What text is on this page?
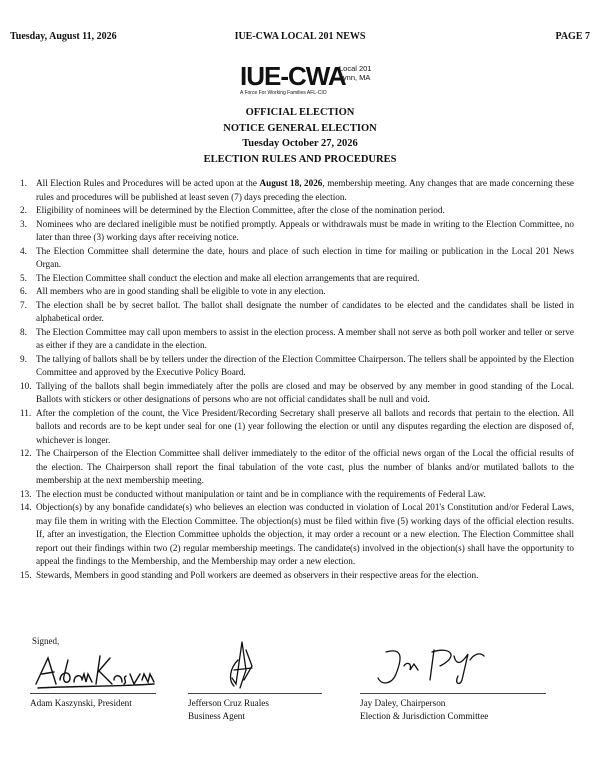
Tuesday, August 11, 2026	IUE-CWA LOCAL 201 NEWS	PAGE 7
IUE-CWA
Local 201
Lynn, MA
A Force For Working Families AFL-CIO
OFFICIAL ELECTION
NOTICE GENERAL ELECTION
Tuesday October 27, 2026
ELECTION RULES AND PROCEDURES
1. All Election Rules and Procedures will be acted upon at the August 18, 2026, membership meeting. Any changes that are made concerning these rules and procedures will be published at least seven (7) days preceding the election.
2. Eligibility of nominees will be determined by the Election Committee, after the close of the nomination period.
3. Nominees who are declared ineligible must be notified promptly. Appeals or withdrawals must be made in writing to the Election Committee, no later than three (3) working days after receiving notice.
4. The Election Committee shall determine the date, hours and place of such election in time for mailing or publication in the Local 201 News Organ.
5. The Election Committee shall conduct the election and make all election arrangements that are required.
6. All members who are in good standing shall be eligible to vote in any election.
7. The election shall be by secret ballot. The ballot shall designate the number of candidates to be elected and the candidates shall be listed in alphabetical order.
8. The Election Committee may call upon members to assist in the election process. A member shall not serve as both poll worker and teller or serve as either if they are a candidate in the election.
9. The tallying of ballots shall be by tellers under the direction of the Election Committee Chairperson. The tellers shall be appointed by the Election Committee and approved by the Executive Policy Board.
10. Tallying of the ballots shall begin immediately after the polls are closed and may be observed by any member in good standing of the Local. Ballots with stickers or other designations of persons who are not official candidates shall be null and void.
11. After the completion of the count, the Vice President/Recording Secretary shall preserve all ballots and records that pertain to the election. All ballots and records are to be kept under seal for one (1) year following the election or until any disputes regarding the election are disposed of, whichever is longer.
12. The Chairperson of the Election Committee shall deliver immediately to the editor of the official news organ of the Local the official results of the election. The Chairperson shall report the final tabulation of the vote cast, plus the number of blanks and/or mutilated ballots to the membership at the next membership meeting.
13. The election must be conducted without manipulation or taint and be in compliance with the requirements of Federal Law.
14. Objection(s) by any bonafide candidate(s) who believes an election was conducted in violation of Local 201's Constitution and/or Federal Laws, may file them in writing with the Election Committee. The objection(s) must be filed within five (5) working days of the official election results. If, after an investigation, the Election Committee upholds the objection, it may order a recount or a new election. The Election Committee shall report out their findings within two (2) regular membership meetings. The candidate(s) involved in the objection(s) shall have the opportunity to appeal the findings to the Membership, and the Membership may order a new election.
15. Stewards, Members in good standing and Poll workers are deemed as observers in their respective areas for the election.
Signed,
Adam Kaszynski, President	Jefferson Cruz Ruales
Business Agent
Jay Daley, Chairperson
Election & Jurisdiction Committee
